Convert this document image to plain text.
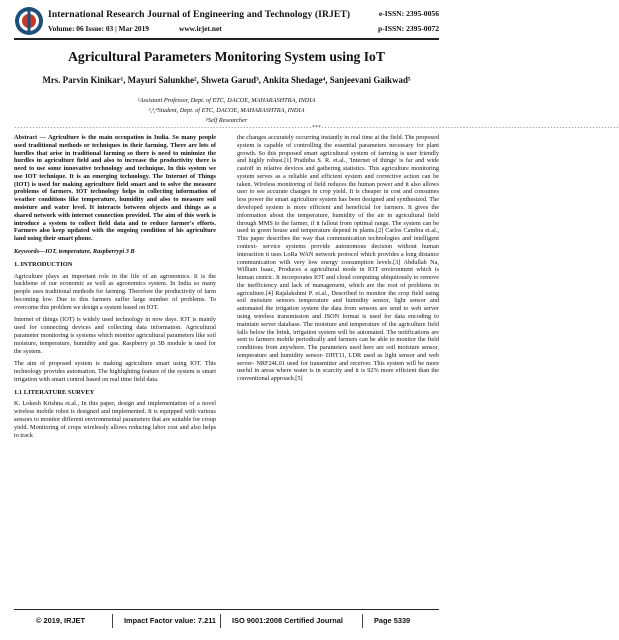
International Research Journal of Engineering and Technology (IRJET)
Volume: 06 Issue: 03 | Mar 2019	www.irjet.net
e-ISSN: 2395-0056
p-ISSN: 2395-0072
Agricultural Parameters Monitoring System using IoT
Mrs. Parvin Kinikar¹, Mayuri Salunkhe², Shweta Garud³, Ankita Shedage⁴, Sanjeevani Gaikwad⁵
¹Assistant Professor, Dept. of ETC, DACOE, MAHARASHTRA, INDIA
²,³,⁴Student, Dept. of ETC, DACOE, MAHARASHTRA, INDIA
⁵Self Researcher
---------------------------------------------------------------------------------------------------***---------------------------------------------------------------------------------------------------

Abstract — Agriculture is the main occupation in India. So many people used traditional methods or techniques in their farming. There are lots of hurdles that arise in traditional farming so there is need to minimize the hurdles in agriculture field and also to increase the productivity there is need to use some innovative technology and technique. In this system we use IOT technique. It is an emerging technology. The Internet of Things (IOT) is used for making agriculture field smart and to solve the measure problems of farmers. IOT technology helps in collecting information of weather conditions like temperature, humidity and also to measure soil moisture and water level. It interacts between objects and things as a shared network with internet connection provided. The aim of this work is introduce a system to collect field data and to reduce farmer's efforts. Farmers also keep updated with the ongoing condition of his agriculture land using their smart phone.

Keywords—IOT, temperature, Raspberrypi 3 B

1. INTRODUCTION

Agriculture plays an important role in the life of an agronomics. It is the backbone of our economic as well as agronomics system. In India so many people uses traditional methods for farming. Therefore the productivity of farm becoming low. Due to this farmers suffer large number of problems. To overcome this problem we design a system based on IOT.

Internet of things (IOT) is widely used technology in now days. IOT is mainly used for connecting devices and collecting data information. Agricultural parameter monitoring is systems which monitor agricultural parameters like soil moisture, temperature, humidity and gas. Raspberry pi 3B module is used for the system.

The aim of proposed system is making agriculture smart using IOT. This technology provides automation. The highlighting feature of the system is smart irrigation with smart control based on real time field data.

1.1 LITERATURE SURVEY

K. Lokesh Krishna et.al., In this paper, design and implementation of a novel wireless mobile robot is designed and implemented. It is equipped with various sensors to monitor different environmental parameters that are suitable for croup yield. Monitoring of crops wirelessly allows reducing labor cost and also helps to track

the changes accurately occurring instantly in real time at the field. The proposed system is capable of controlling the essential parameters necessary for plant growth. So this proposed smart agricultural system of farming is user friendly and highly robust.[1] Prathiba S. R. et.al., 'Internet of things' is far and wide castoff in relative devices and gathering statistics. This agriculture monitoring system serves as a reliable and efficient system and corrective action can be taken. Wireless monitoring of field reduces the human power and it also allows user to see accurate changes in crop yield. It is cheaper in cost and consumes less power the smart agriculture system has been designed and synthesized. The developed system is more efficient and beneficial for farmers. It gives the information about the temperature, humidity of the air in agricultural field through MMS to the farmer, if it fallout from optimal range. The system can be used in green house and temperature depend in plants.[2] Carlos Cambra et.al., This paper describes the way that communication technologies and intelligent context- service systems provide autonomous decision without human interaction it uses LoRa WAN network protocol which provides a long distance communication with very low energy consumption levels.[3] Abdullah Na, William Isaac, Produces a agricultural mode in IOT environment which is human centric. It incorporates IOT and cloud computing ubiquitously to remove the inefficiency and lack of management, which are the root of problems in agriculture.[4] Rajalakshmi P. et.al., Described to monitor the crop field using soil moisture sensors temperature and humidity sensor, light sensor and automated the irrigation system the data from sensors are send to web server using wireless transmission and JSON format is used for data encoding to maintain server database. The moisture and temperature of the agriculture field falls below the brink, irrigation system will be automated. The notifications are sent to farmers mobile periodically and farmers can be able to monitor the field conditions from anywhere. The parameters used here are soil moisture sensor, temperature and humidity sensor- DHT11, LDR used as light sensor and web server- NRF24L01 used for transmitter and receiver. This system will be more useful in areas where water is in scarcity and it is 92% more efficient than the conventional approach.[5]

© 2019, IRJET	Impact Factor value: 7.211 ISO 9001:2008 Certified Journal	Page 5339
